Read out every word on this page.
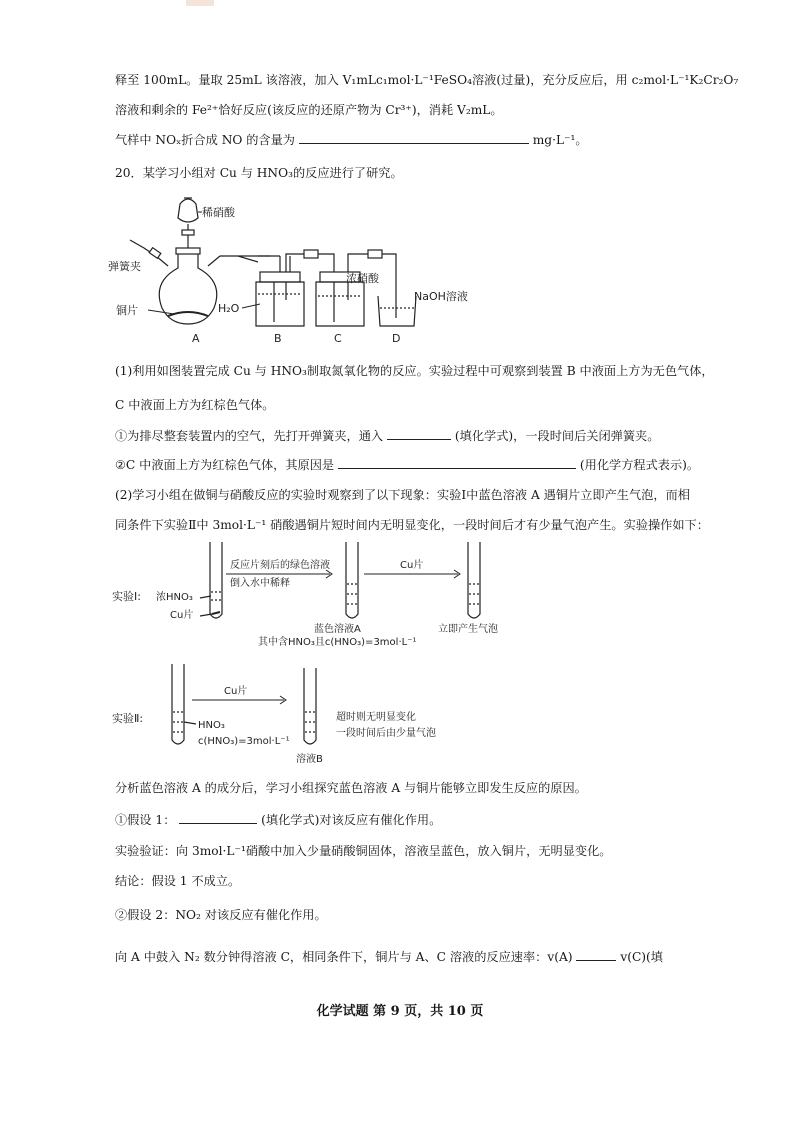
释至 100mL。量取 25mL 该溶液，加入 V₁mLc₁mol·L⁻¹FeSO₄溶液(过量)，充分反应后，用 c₂mol·L⁻¹K₂Cr₂O₇
溶液和剩余的 Fe²⁺恰好反应(该反应的还原产物为 Cr³⁺)，消耗 V₂mL。
气样中 NOₓ折合成 NO 的含量为	mg·L⁻¹。
20．某学习小组对 Cu 与 HNO₃的反应进行了研究。
稀硝酸
弹簧夹
铜片	H₂O
浓硝酸
NaOH溶液
A	B	C	D
(1)利用如图装置完成 Cu 与 HNO₃制取氮氧化物的反应。实验过程中可观察到装置 B 中液面上方为无色气体，
C 中液面上方为红棕色气体。
①为排尽整套装置内的空气，先打开弹簧夹，通入	(填化学式)，一段时间后关闭弹簧夹。
②C 中液面上方为红棕色气体，其原因是	(用化学方程式表示)。
(2)学习小组在做铜与硝酸反应的实验时观察到了以下现象：实验Ⅰ中蓝色溶液 A 遇铜片立即产生气泡，而相
同条件下实验Ⅱ中 3mol·L⁻¹ 硝酸遇铜片短时间内无明显变化，一段时间后才有少量气泡产生。实验操作如下：
实验Ⅰ: 浓HNO₃
Cu片
反应片刻后的绿色溶液
倒入水中稀释
蓝色溶液A
其中含HNO₃且c(HNO₃)=3mol·L⁻¹
Cu片
立即产生气泡
实验Ⅱ:
HNO₃
c(HNO₃)=3mol·L⁻¹
Cu片
超时则无明显变化
一段时间后由少量气泡
溶液B
分析蓝色溶液 A 的成分后，学习小组探究蓝色溶液 A 与铜片能够立即发生反应的原因。
①假设 1：	(填化学式)对该反应有催化作用。
实验验证：向 3mol·L⁻¹硝酸中加入少量硝酸铜固体，溶液呈蓝色，放入铜片，无明显变化。
结论：假设 1 不成立。
②假设 2：NO₂ 对该反应有催化作用。
向 A 中鼓入 N₂ 数分钟得溶液 C，相同条件下，铜片与 A、C 溶液的反应速率：v(A)	v(C)(填
化学试题 第 9 页，共 10 页
